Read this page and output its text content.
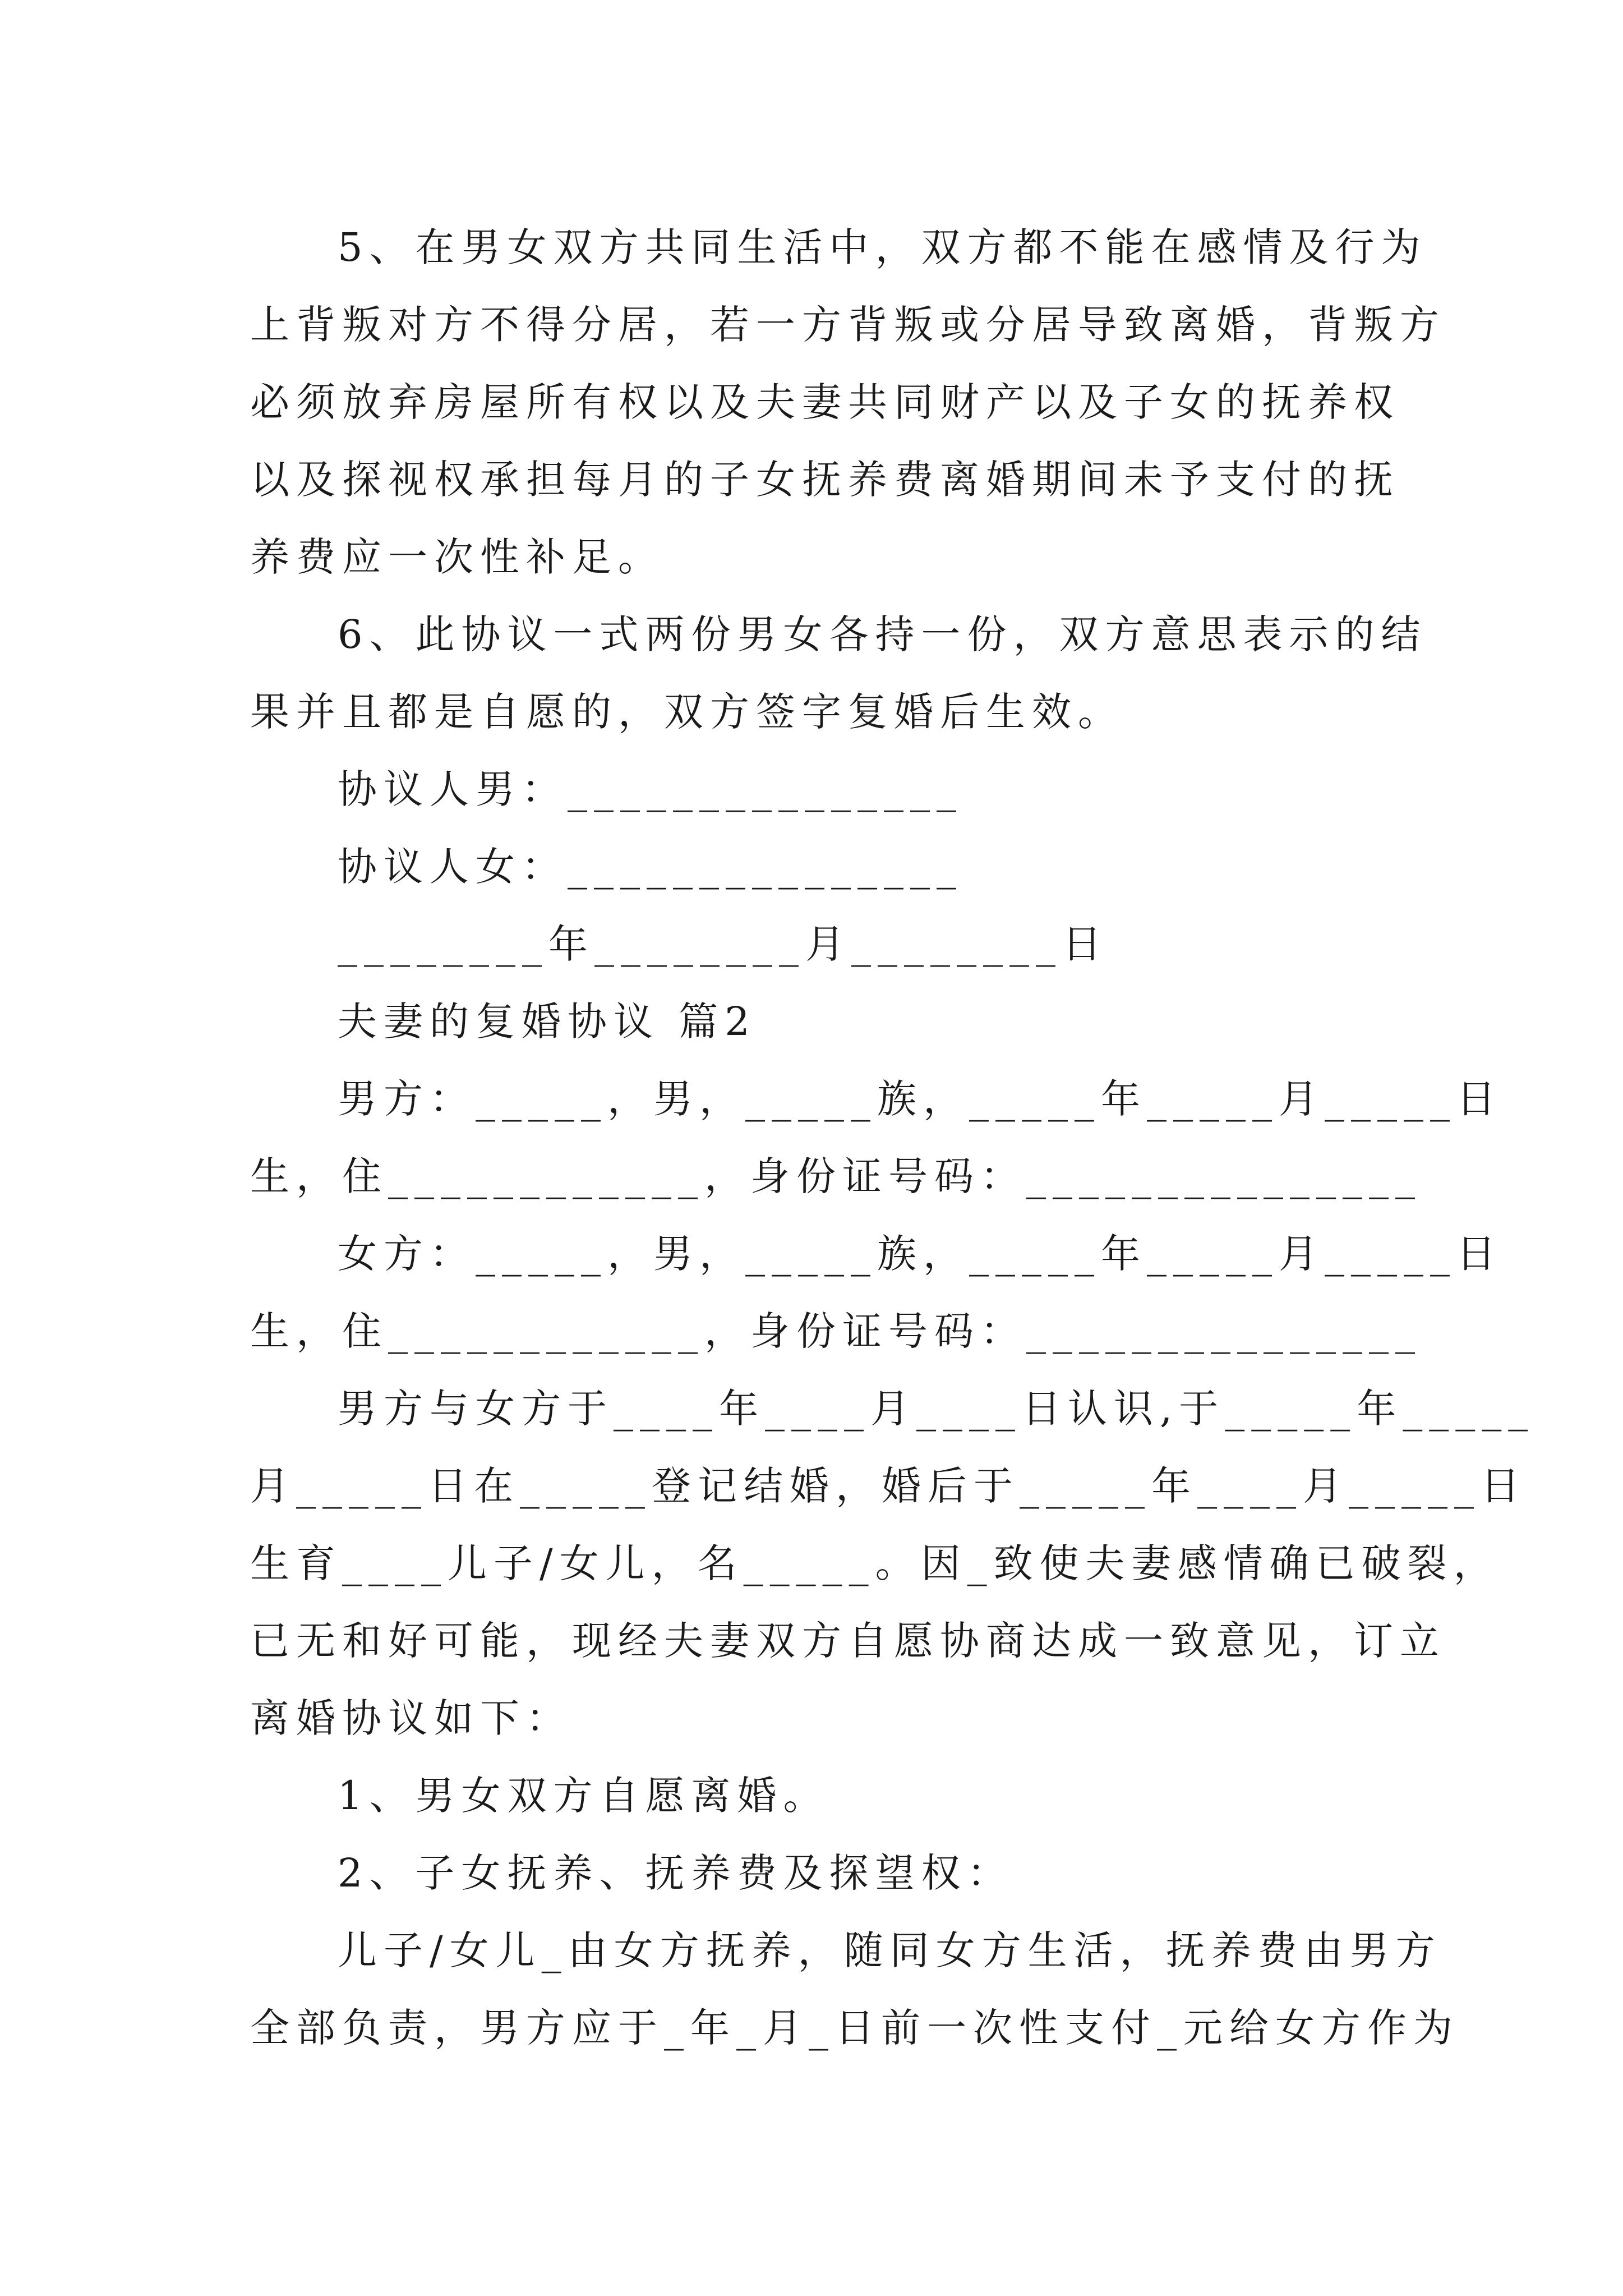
5、在男女双方共同生活中，双方都不能在感情及行为
上背叛对方不得分居，若一方背叛或分居导致离婚，背叛方
必须放弃房屋所有权以及夫妻共同财产以及子女的抚养权
以及探视权承担每月的子女抚养费离婚期间未予支付的抚
养费应一次性补足。
6、此协议一式两份男女各持一份，双方意思表示的结
果并且都是自愿的，双方签字复婚后生效。
协议人男：_______________
协议人女：_______________
________年________月________日
夫妻的复婚协议 篇2
男方：_____，男，_____族，_____年_____月_____日
生，住____________，身份证号码：_______________
女方：_____，男，_____族，_____年_____月_____日
生，住____________，身份证号码：_______________
男方与女方于____年____月____日认识,于_____年_____
月_____日在_____登记结婚，婚后于_____年____月_____日
生育____儿子/女儿，名_____。因_致使夫妻感情确已破裂，
已无和好可能，现经夫妻双方自愿协商达成一致意见，订立
离婚协议如下：
1、男女双方自愿离婚。
2、子女抚养、抚养费及探望权：
儿子/女儿_由女方抚养，随同女方生活，抚养费由男方
全部负责，男方应于_年_月_日前一次性支付_元给女方作为
